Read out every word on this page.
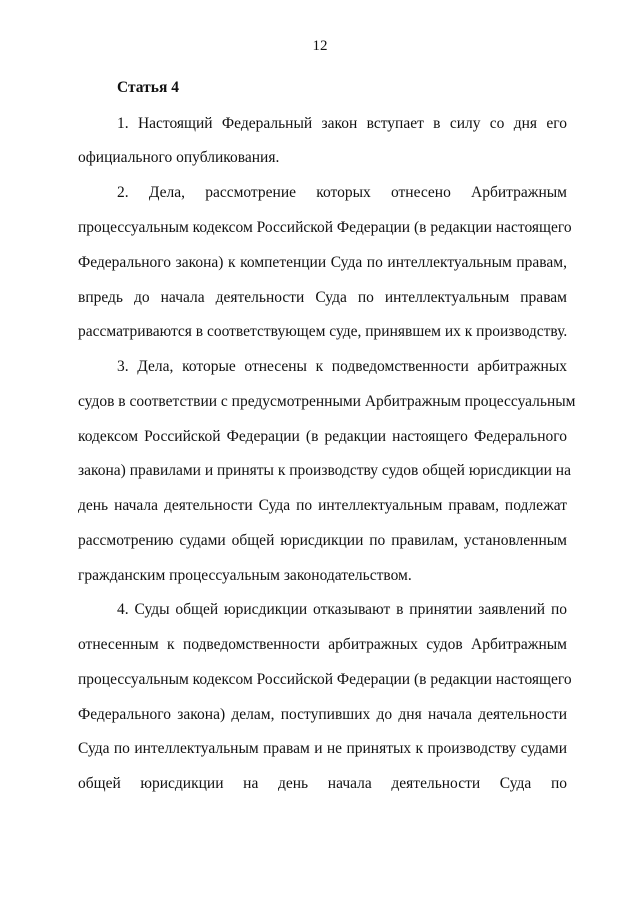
12
Статья 4
1. Настоящий Федеральный закон вступает в силу со дня его
официального опубликования.
2. Дела, рассмотрение которых отнесено Арбитражным
процессуальным кодексом Российской Федерации (в редакции настоящего
Федерального закона) к компетенции Суда по интеллектуальным правам,
впредь до начала деятельности Суда по интеллектуальным правам
рассматриваются в соответствующем суде, принявшем их к производству.
3. Дела, которые отнесены к подведомственности арбитражных
судов в соответствии с предусмотренными Арбитражным процессуальным
кодексом Российской Федерации (в редакции настоящего Федерального
закона) правилами и приняты к производству судов общей юрисдикции на
день начала деятельности Суда по интеллектуальным правам, подлежат
рассмотрению судами общей юрисдикции по правилам, установленным
гражданским процессуальным законодательством.
4. Суды общей юрисдикции отказывают в принятии заявлений по
отнесенным к подведомственности арбитражных судов Арбитражным
процессуальным кодексом Российской Федерации (в редакции настоящего
Федерального закона) делам, поступивших до дня начала деятельности
Суда по интеллектуальным правам и не принятых к производству судами
общей юрисдикции на день начала деятельности Суда по
